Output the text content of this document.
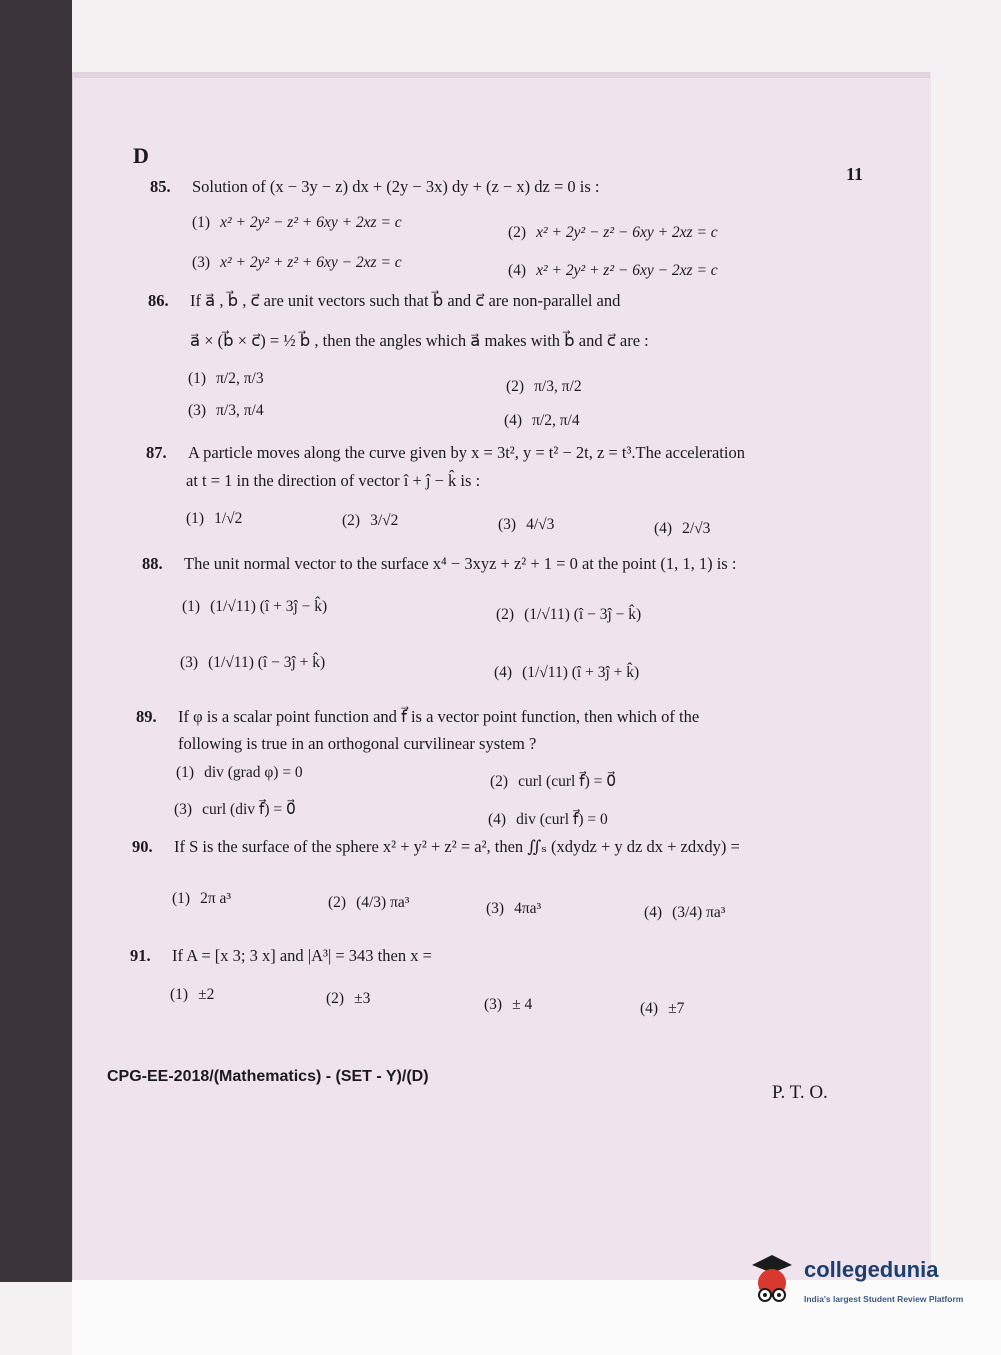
D
11
85. Solution of (x − 3y − z) dx + (2y − 3x) dy + (z − x) dz = 0 is :
(1) x² + 2y² − z² + 6xy + 2xz = c
(2) x² + 2y² − z² − 6xy + 2xz = c
(3) x² + 2y² + z² + 6xy − 2xz = c	(4) x² + 2y² + z² − 6xy − 2xz = c
86. If a⃗ , b⃗ , c⃗ are unit vectors such that b⃗ and c⃗ are non-parallel and
a⃗ × (b⃗ × c⃗) = ½ b⃗ , then the angles which a⃗ makes with b⃗ and c⃗ are :
(1) π/2, π/3	(2) π/3, π/2
(3) π/3, π/4
(4) π/2, π/4
87. A particle moves along the curve given by x = 3t², y = t² − 2t, z = t³.The acceleration
at t = 1 in the direction of vector î + ĵ − k̂ is :
(1) 1/√2	(2) 3/√2	(3) 4/√3	(4) 2/√3
88. The unit normal vector to the surface x⁴ − 3xyz + z² + 1 = 0 at the point (1, 1, 1) is :
(1) (1/√11) (î + 3ĵ − k̂)	(2) (1/√11) (î − 3ĵ − k̂)
(3) (1/√11) (î − 3ĵ + k̂)
(4) (1/√11) (î + 3ĵ + k̂)
89. If φ is a scalar point function and f⃗ is a vector point function, then which of the
following is true in an orthogonal curvilinear system ?
(1) div (grad φ) = 0
(2) curl (curl f⃗) = 0⃗
(3) curl (div f⃗) = 0⃗
(4) div (curl f⃗) = 0
90. If S is the surface of the sphere x² + y² + z² = a², then ∬ₛ (xdydz + y dz dx + zdxdy) =
(1) 2π a³	(2) (4/3) πa³	(3) 4πa³	(4) (3/4) πa³
91. If A = [x 3; 3 x] and |A³| = 343 then x =
(1) ±2	(2) ±3	(3) ± 4	(4) ±7
CPG-EE-2018/(Mathematics) - (SET - Y)/(D)
P. T. O.
collegedunia
India's largest Student Review Platform
